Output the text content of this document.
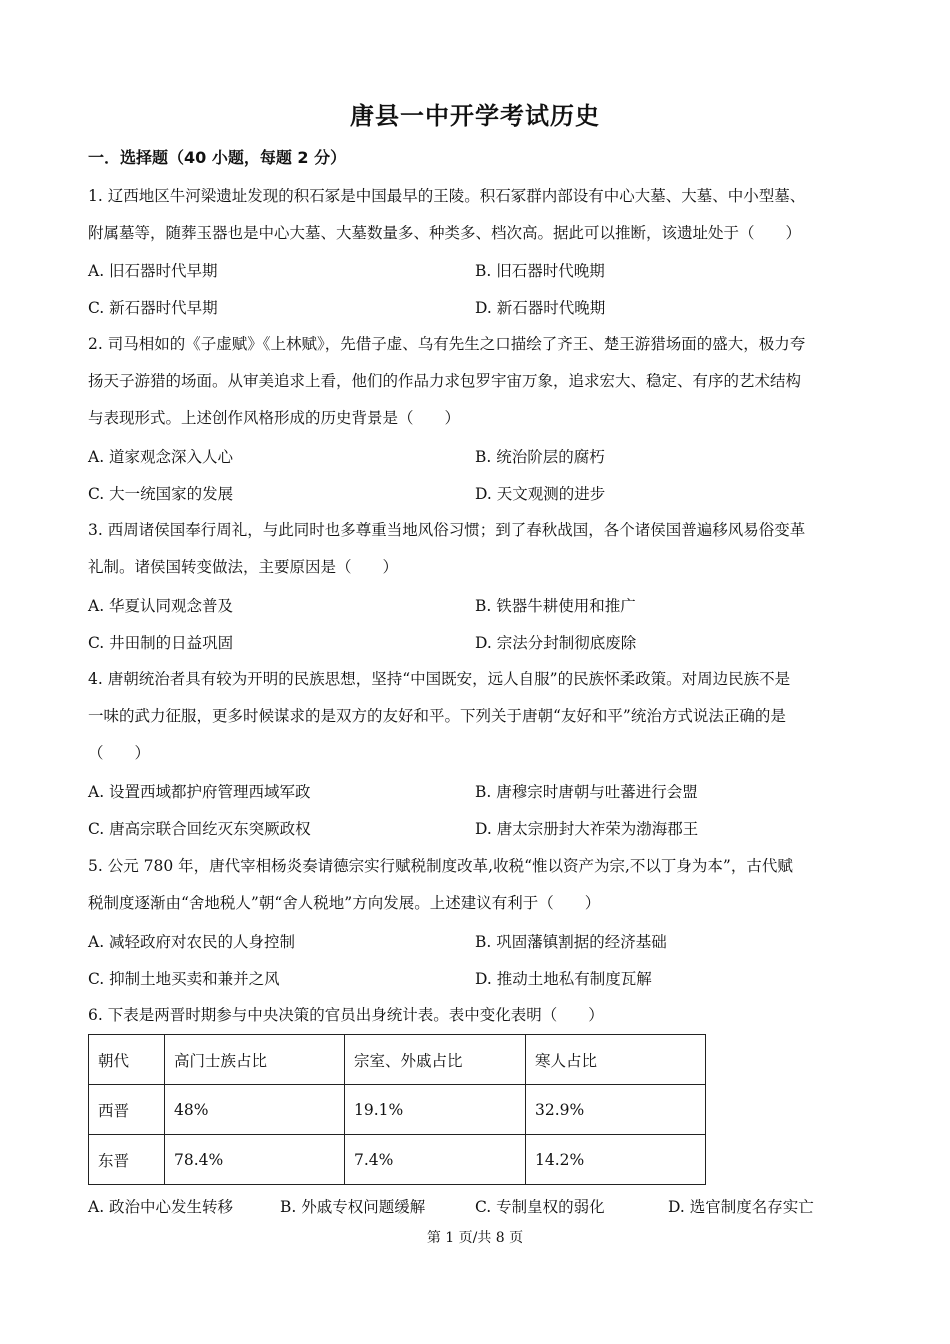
唐县一中开学考试历史
一．选择题（40 小题，每题 2 分）
1. 辽西地区牛河梁遗址发现的积石冢是中国最早的王陵。积石冢群内部设有中心大墓、大墓、中小型墓、
附属墓等，随葬玉器也是中心大墓、大墓数量多、种类多、档次高。据此可以推断，该遗址处于（　　）
A. 旧石器时代早期	B. 旧石器时代晚期
C. 新石器时代早期	D. 新石器时代晚期
2. 司马相如的《子虚赋》《上林赋》，先借子虚、乌有先生之口描绘了齐王、楚王游猎场面的盛大，极力夸
扬天子游猎的场面。从审美追求上看，他们的作品力求包罗宇宙万象，追求宏大、稳定、有序的艺术结构
与表现形式。上述创作风格形成的历史背景是（　　）
A. 道家观念深入人心	B. 统治阶层的腐朽
C. 大一统国家的发展	D. 天文观测的进步
3. 西周诸侯国奉行周礼，与此同时也多尊重当地风俗习惯；到了春秋战国，各个诸侯国普遍移风易俗变革
礼制。诸侯国转变做法，主要原因是（　　）
A. 华夏认同观念普及	B. 铁器牛耕使用和推广
C. 井田制的日益巩固	D. 宗法分封制彻底废除
4. 唐朝统治者具有较为开明的民族思想，坚持“中国既安，远人自服”的民族怀柔政策。对周边民族不是
一味的武力征服，更多时候谋求的是双方的友好和平。下列关于唐朝“友好和平”统治方式说法正确的是
（　　）
A. 设置西域都护府管理西域军政	B. 唐穆宗时唐朝与吐蕃进行会盟
C. 唐高宗联合回纥灭东突厥政权	D. 唐太宗册封大祚荣为渤海郡王
5. 公元 780 年，唐代宰相杨炎奏请德宗实行赋税制度改革,收税“惟以资产为宗,不以丁身为本”，古代赋
税制度逐渐由“舍地税人”朝“舍人税地”方向发展。上述建议有利于（　　）
A. 减轻政府对农民的人身控制	B. 巩固藩镇割据的经济基础
C. 抑制土地买卖和兼并之风	D. 推动土地私有制度瓦解
6. 下表是两晋时期参与中央决策的官员出身统计表。表中变化表明（　　）
朝代	高门士族占比	宗室、外戚占比	寒人占比
西晋	48%	19.1%	32.9%
东晋	78.4%	7.4%	14.2%
A. 政治中心发生转移	B. 外戚专权问题缓解	C. 专制皇权的弱化	D. 选官制度名存实亡
第 1 页/共 8 页
